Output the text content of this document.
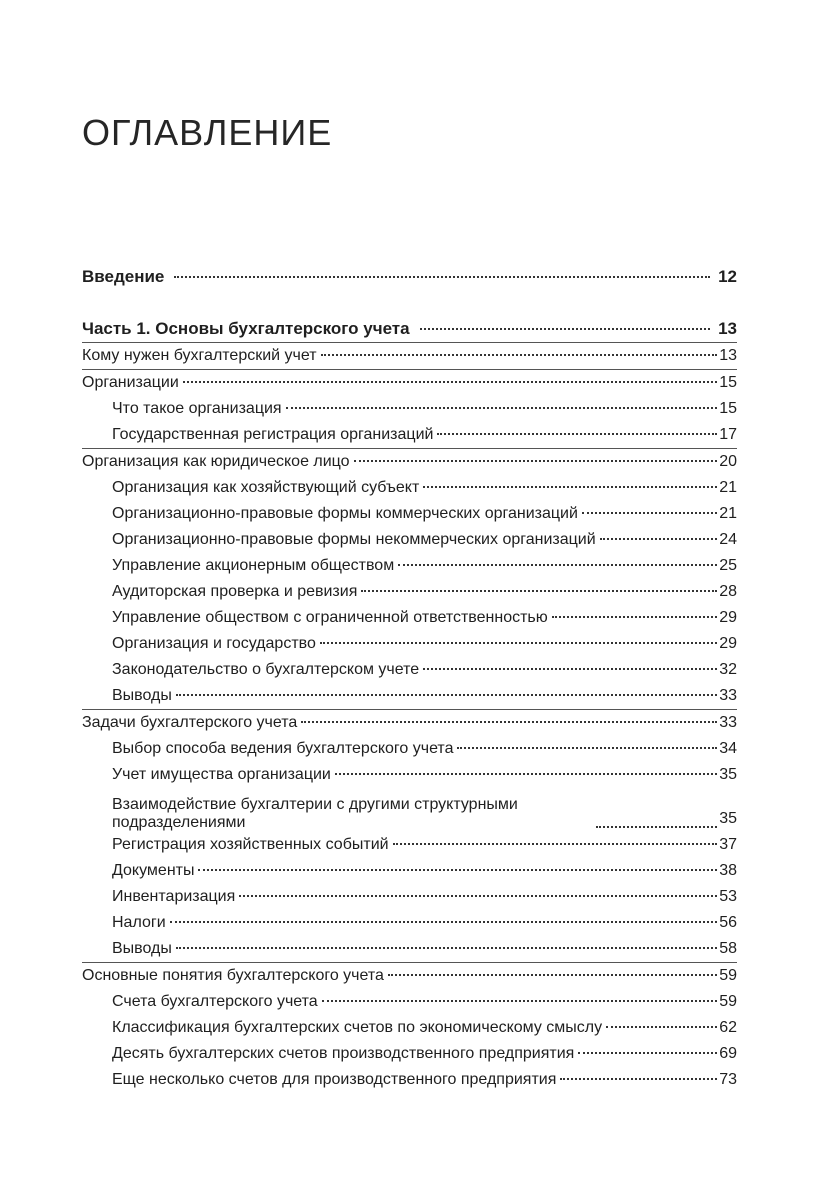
ОГЛАВЛЕНИЕ
Введение	12
Часть 1. Основы бухгалтерского учета	13
Кому нужен бухгалтерский учет	13
Организации	15
Что такое организация	15
Государственная регистрация организаций	17
Организация как юридическое лицо	20
Организация как хозяйствующий субъект	21
Организационно-правовые формы коммерческих организаций	21
Организационно-правовые формы некоммерческих организаций	24
Управление акционерным обществом	25
Аудиторская проверка и ревизия	28
Управление обществом с ограниченной ответственностью	29
Организация и государство	29
Законодательство о бухгалтерском учете	32
Выводы	33
Задачи бухгалтерского учета	33
Выбор способа ведения бухгалтерского учета	34
Учет имущества организации	35
Взаимодействие бухгалтерии с другими структурными подразделениями	35
Регистрация хозяйственных событий	37
Документы	38
Инвентаризация	53
Налоги	56
Выводы	58
Основные понятия бухгалтерского учета	59
Счета бухгалтерского учета	59
Классификация бухгалтерских счетов по экономическому смыслу	62
Десять бухгалтерских счетов производственного предприятия	69
Еще несколько счетов для производственного предприятия	73
